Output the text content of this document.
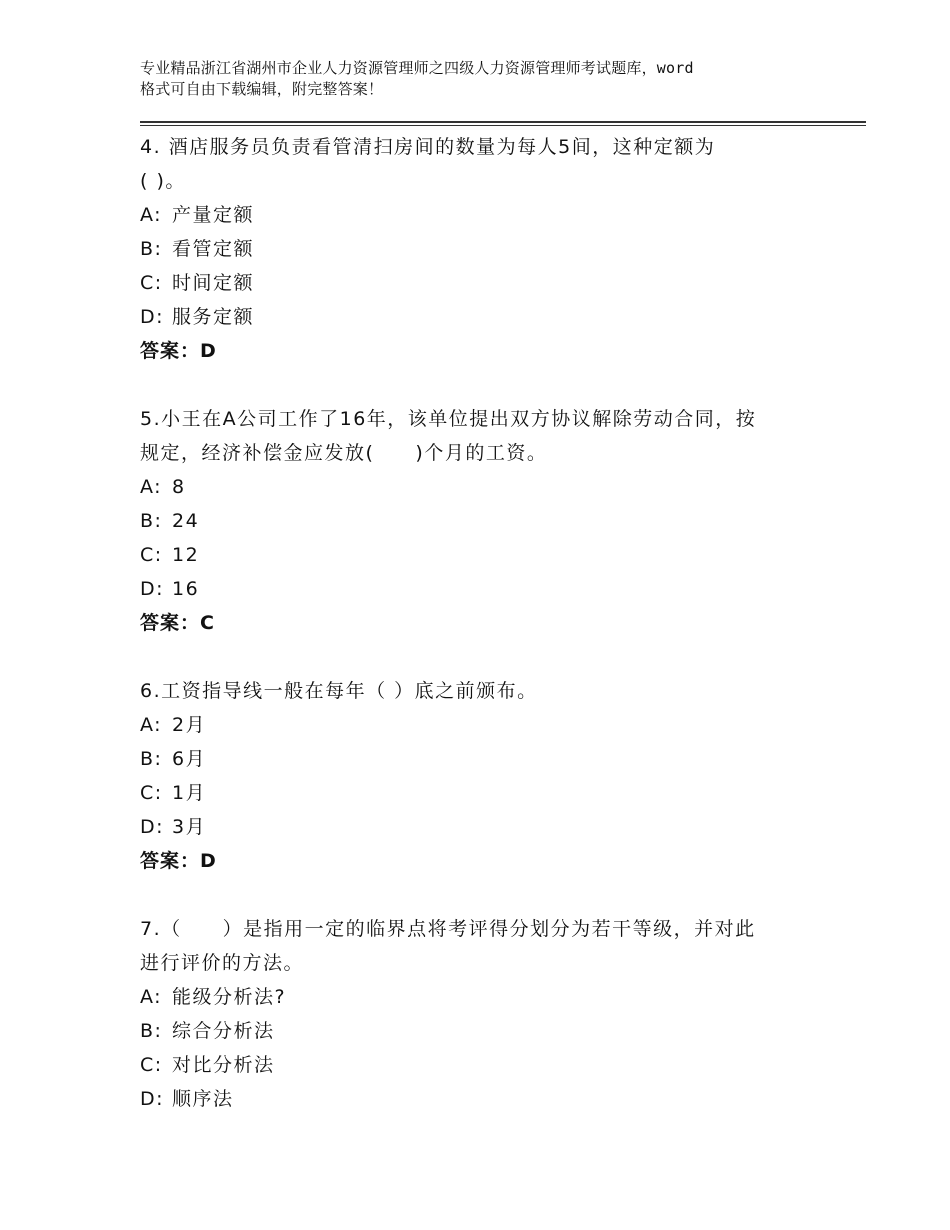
专业精品浙江省湖州市企业人力资源管理师之四级人力资源管理师考试题库，word
格式可自由下载编辑，附完整答案！
4. 酒店服务员负责看管清扫房间的数量为每人5间，这种定额为
( )。
A: 产量定额
B: 看管定额
C: 时间定额
D: 服务定额
答案：D
5.小王在A公司工作了16年，该单位提出双方协议解除劳动合同，按
规定，经济补偿金应发放(　　)个月的工资。
A: 8
B: 24
C: 12
D: 16
答案：C
6.工资指导线一般在每年（ ）底之前颁布。
A: 2月
B: 6月
C: 1月
D: 3月
答案：D
7.（　　）是指用一定的临界点将考评得分划分为若干等级，并对此
进行评价的方法。
A: 能级分析法?
B: 综合分析法
C: 对比分析法
D: 顺序法
